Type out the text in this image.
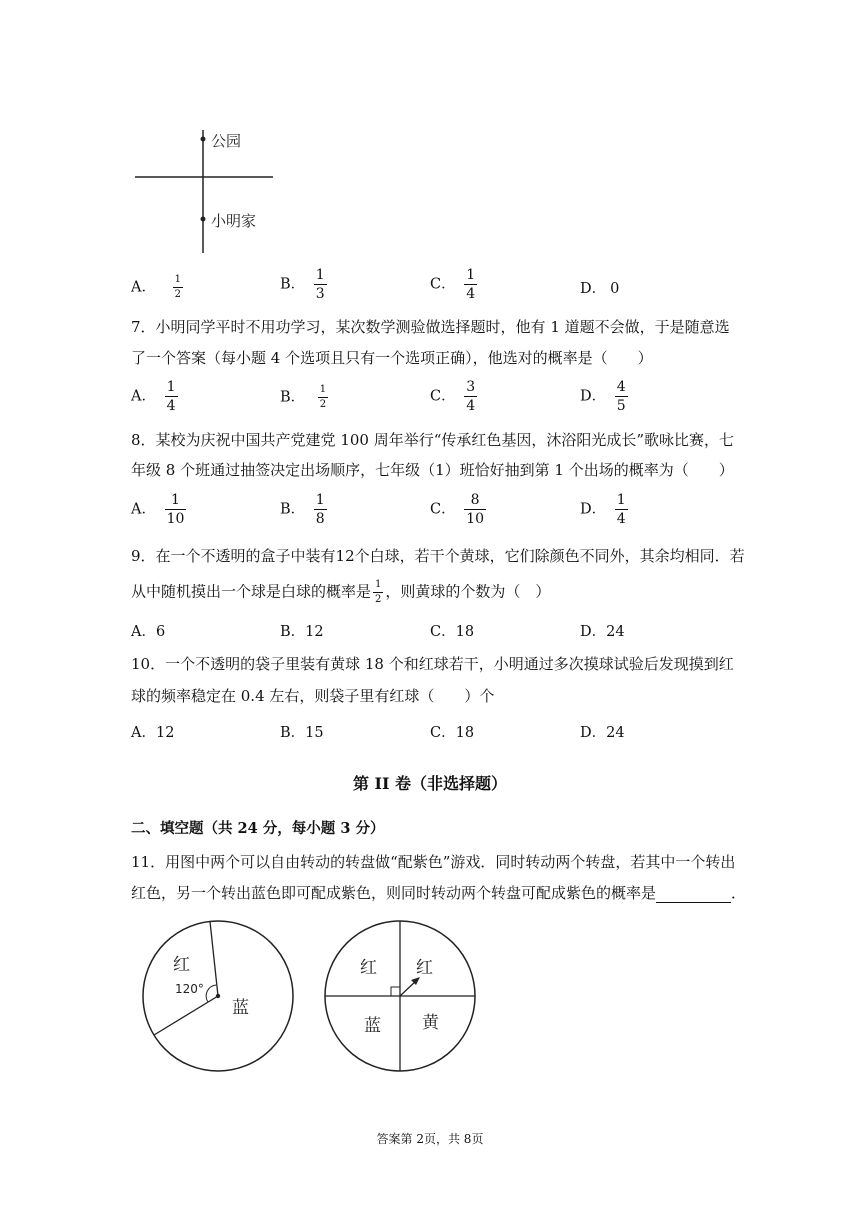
公园
小明家
A． $\frac{1}{2}$	B． $\frac{1}{3}$	C． $\frac{1}{4}$	D． 0
7．小明同学平时不用功学习，某次数学测验做选择题时，他有 1 道题不会做，于是随意选
了一个答案（每小题 4 个选项且只有一个选项正确），他选对的概率是（　　）
A． $\frac{1}{4}$	B． $\frac{1}{2}$	C． $\frac{3}{4}$	D． $\frac{4}{5}$
8．某校为庆祝中国共产党建党 100 周年举行“传承红色基因，沐浴阳光成长”歌咏比赛，七
年级 8 个班通过抽签决定出场顺序，七年级（1）班恰好抽到第 1 个出场的概率为（　　）
A． $\frac{1}{10}$	B． $\frac{1}{8}$	C． $\frac{8}{10}$	D． $\frac{1}{4}$
9．在一个不透明的盒子中装有12个白球，若干个黄球，它们除颜色不同外，其余均相同．若
从中随机摸出一个球是白球的概率是 $\frac{1}{2}$ ，则黄球的个数为（　）
A．6	B．12	C．18	D．24
10．一个不透明的袋子里装有黄球 18 个和红球若干，小明通过多次摸球试验后发现摸到红
球的频率稳定在 0.4 左右，则袋子里有红球（　　）个
A．12	B．15	C．18	D．24
第 II 卷（非选择题）
二、填空题（共 24 分，每小题 3 分）
11．用图中两个可以自由转动的转盘做“配紫色”游戏．同时转动两个转盘，若其中一个转出
红色，另一个转出蓝色即可配成紫色，则同时转动两个转盘可配成紫色的概率是	．
红
120°
蓝
红 红
蓝 黄
答案第 2页，共 8页
